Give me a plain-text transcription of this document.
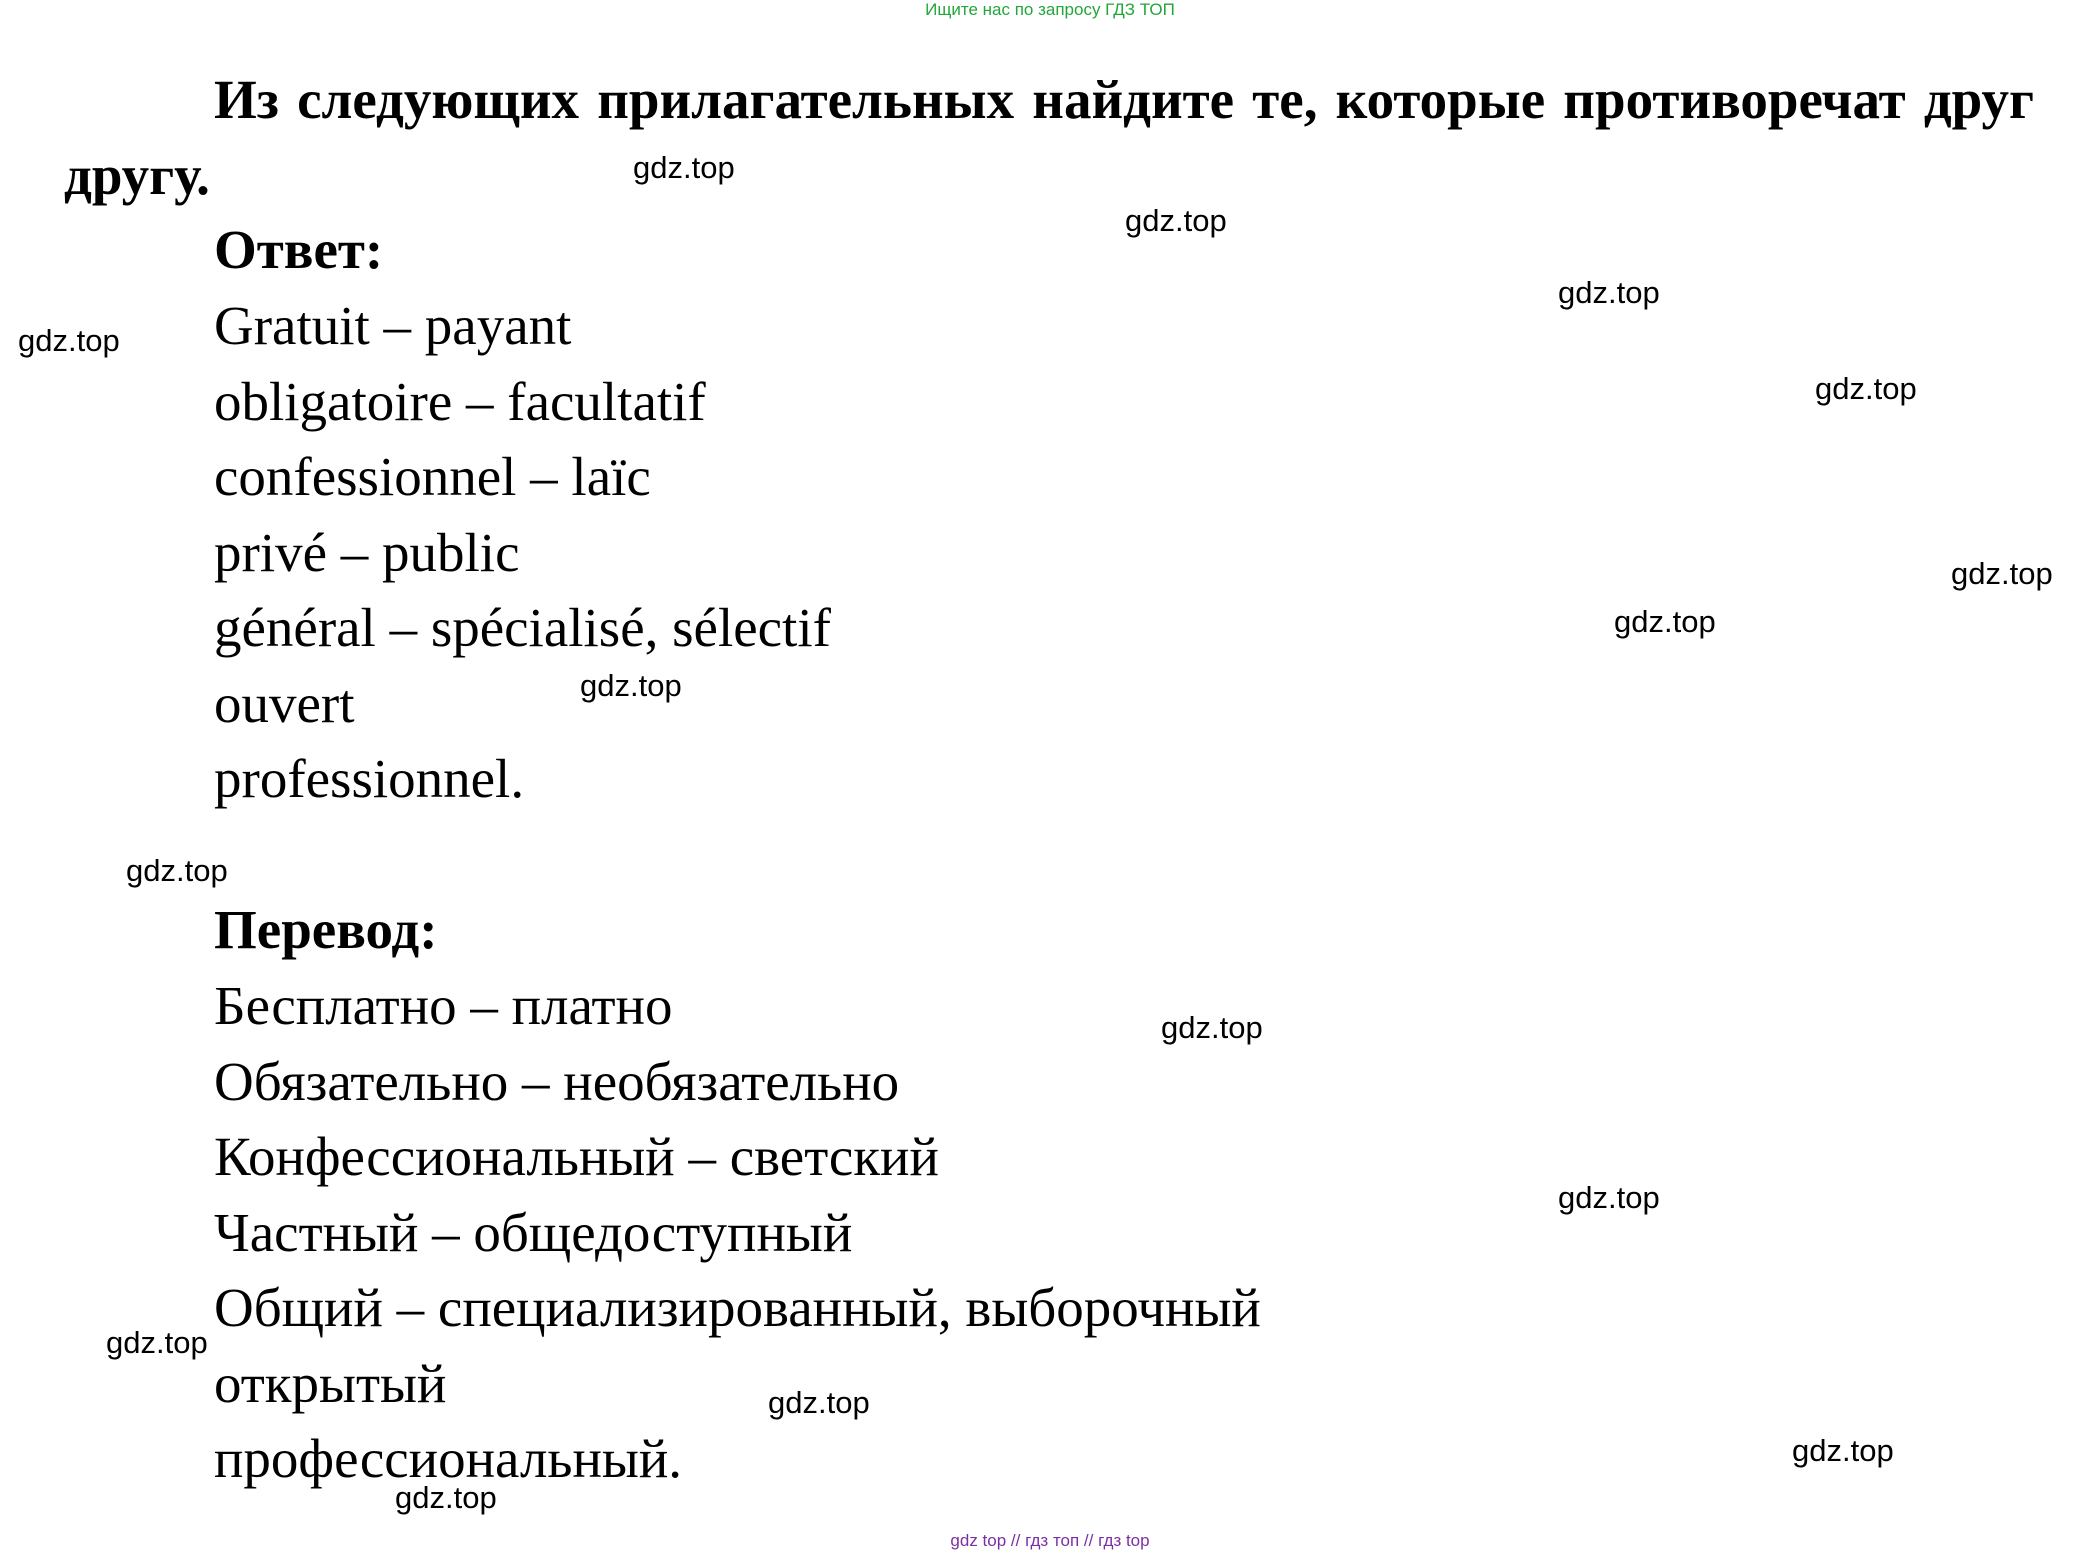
Ищите нас по запросу ГДЗ ТОП
Из следующих прилагательных найдите те, которые противоречат друг другу.
Ответ:
Gratuit – payant
obligatoire – facultatif
confessionnel – laïc
privé – public
général – spécialisé, sélectif
ouvert
professionnel.
Перевод:
Бесплатно – платно
Обязательно – необязательно
Конфессиональный – светский
Частный – общедоступный
Общий – специализированный, выборочный
открытый
профессиональный.
gdz.top
gdz.top
gdz.top
gdz.top
gdz.top
gdz.top
gdz.top
gdz.top
gdz.top
gdz.top
gdz.top
gdz.top
gdz.top
gdz.top
gdz.top
gdz top // гдз топ // гдз top
